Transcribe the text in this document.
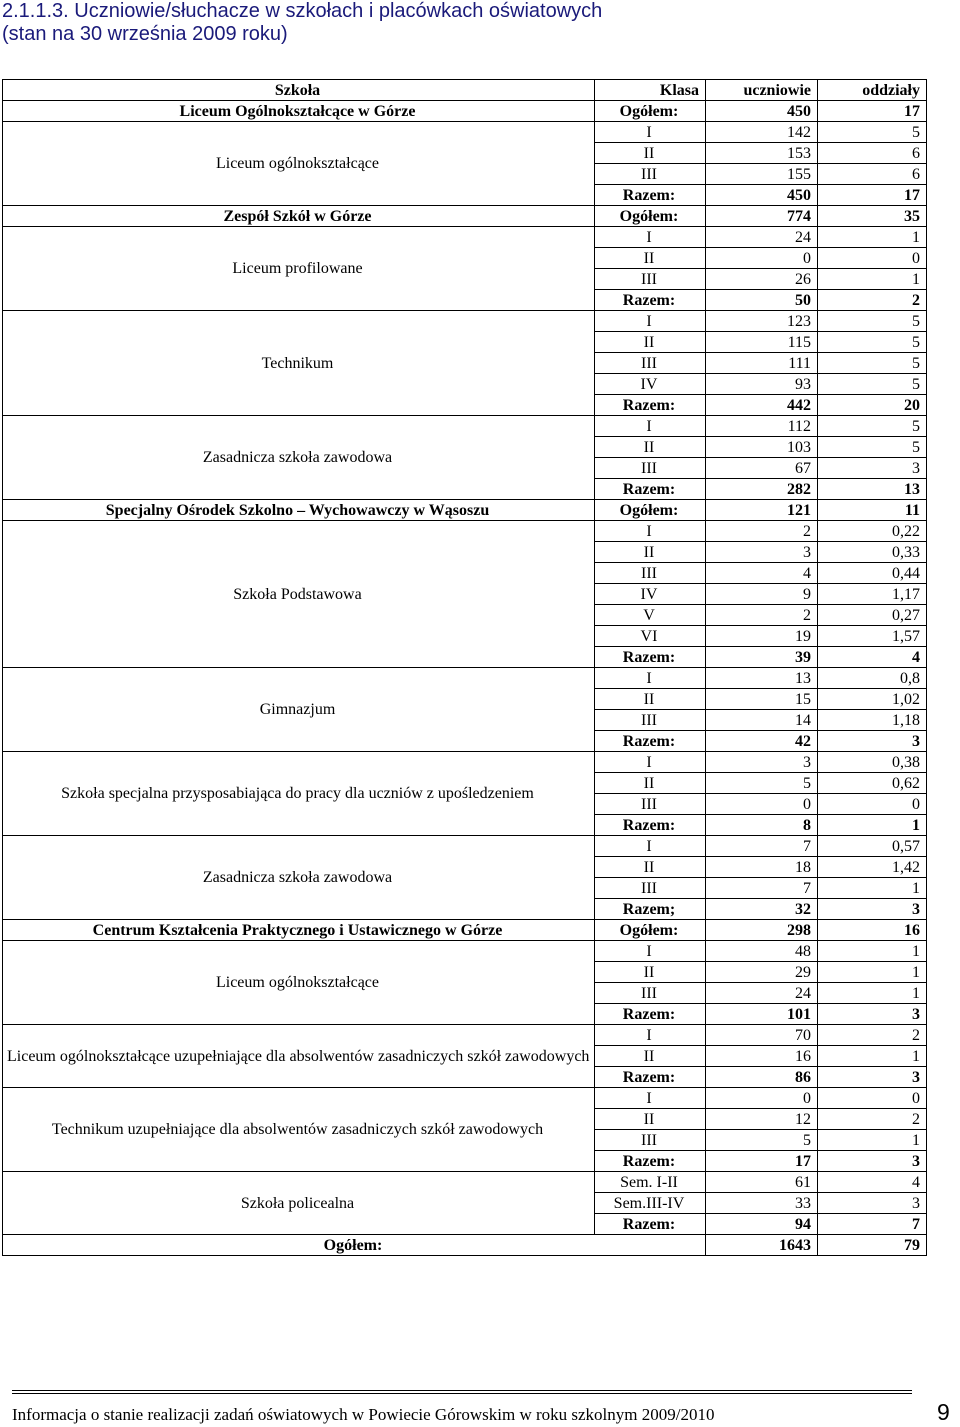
2.1.1.3. Uczniowie/słuchacze w szkołach i placówkach oświatowych
(stan na 30 września 2009 roku)
Szkoła	Klasa	uczniowie	oddziały
Liceum Ogólnokształcące w Górze	Ogółem:	450	17
Liceum ogólnokształcące	I	142	5
	II	153	6
	III	155	6
	Razem:	450	17
Zespół Szkół w Górze	Ogółem:	774	35
Liceum profilowane	I	24	1
	II	0	0
	III	26	1
	Razem:	50	2
Technikum	I	123	5
	II	115	5
	III	111	5
	IV	93	5
	Razem:	442	20
Zasadnicza szkoła zawodowa	I	112	5
	II	103	5
	III	67	3
	Razem:	282	13
Specjalny Ośrodek Szkolno – Wychowawczy w Wąsoszu	Ogółem:	121	11
Szkoła Podstawowa	I	2	0,22
	II	3	0,33
	III	4	0,44
	IV	9	1,17
	V	2	0,27
	VI	19	1,57
	Razem:	39	4
Gimnazjum	I	13	0,8
	II	15	1,02
	III	14	1,18
	Razem:	42	3
Szkoła specjalna przysposabiająca do pracy dla uczniów z upośledzeniem	I	3	0,38
	II	5	0,62
	III	0	0
	Razem:	8	1
Zasadnicza szkoła zawodowa	I	7	0,57
	II	18	1,42
	III	7	1
	Razem;	32	3
Centrum Kształcenia Praktycznego i Ustawicznego w Górze	Ogółem:	298	16
Liceum ogólnokształcące	I	48	1
	II	29	1
	III	24	1
	Razem:	101	3
Liceum ogólnokształcące uzupełniające dla absolwentów zasadniczych szkół zawodowych	I	70	2
	II	16	1
	Razem:	86	3
Technikum uzupełniające dla absolwentów zasadniczych szkół zawodowych	I	0	0
	II	12	2
	III	5	1
	Razem:	17	3
Szkoła policealna	Sem. I-II	61	4
	Sem.III-IV	33	3
	Razem:	94	7
Ogółem:		1643	79
Informacja o stanie realizacji zadań oświatowych w Powiecie Górowskim w roku szkolnym 2009/2010	9
